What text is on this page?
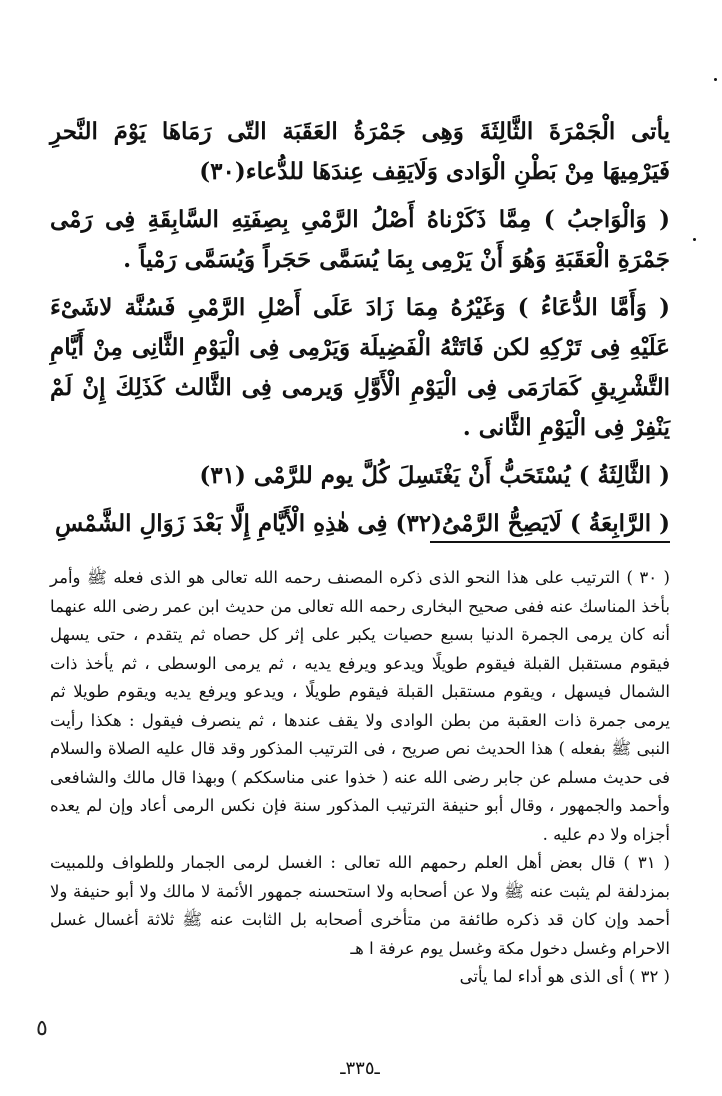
يأتى الْجَمْرَةَ الثَّالِثَةَ وَهِى جَمْرَةُ العَقَبَة التّى رَمَاهَا يَوْمَ النَّحرِ فَيَرْمِيهَا مِنْ بَطْنِ الْوَادى وَلَايَقِف عِندَهَا للدُّعاء(٣٠)

( وَالْوَاجبُ ) مِمَّا ذَكَرْناهُ أَصْلُ الرَّمْىِ بِصِفَتِهِ السَّابِقَةِ فِى رَمْى جَمْرَةِ الْعَقَبَةِ وَهُوَ أَنْ يَرْمِى بِمَا يُسَمَّى حَجَراً وَيُسَمَّى رَمْياً .

( وَأَمَّا الدُّعَاءُ ) وَغَيْرُهُ مِمَا زَادَ عَلَى أَصْلِ الرَّمْىِ فَسُنَّة لاشَىْءَ عَلَيْهِ فِى تَرْكِهِ لكن فَاتَتْهُ الْفَضِيلَة وَيَرْمِى فِى الْيَوْمِ الثَّانِى مِنْ أَيَّامِ التَّشْرِيقِ كَمَارَمَى فِى الْيَوْمِ الْأَوَّلِ وَيرمى فِى الثَّالث كَذَلِكَ إِنْ لَمْ يَنْفِرْ فِى الْيَوْمِ الثَّانى .

( الثَّالِثَةُ ) يُسْتَحَبُّ أَنْ يَغْتَسِلَ كُلَّ يوم للرَّمْى (٣١)

( الرَّابِعَةُ ) لَايَصِحُّ الرَّمْىُ(٣٢) فِى هٰذِهِ الْأَيَّامِ إِلَّا بَعْدَ زَوَالِ الشَّمْسِ

( ٣٠ ) الترتيب على هذا النحو الذى ذكره المصنف رحمه الله تعالى هو الذى فعله ﷺ وأمر بأخذ المناسك عنه ففى صحيح البخارى رحمه الله تعالى من حديث ابن عمر رضى الله عنهما أنه كان يرمى الجمرة الدنيا بسبع حصيات يكبر على إثر كل حصاه ثم يتقدم ، حتى يسهل فيقوم مستقبل القبلة فيقوم طويلًا ويدعو ويرفع يديه ، ثم يرمى الوسطى ، ثم يأخذ ذات الشمال فيسهل ، ويقوم مستقبل القبلة فيقوم طويلًا ، ويدعو ويرفع يديه ويقوم طويلا ثم يرمى جمرة ذات العقبة من بطن الوادى ولا يقف عندها ، ثم ينصرف فيقول : هكذا رأيت النبى ﷺ بفعله ) هذا الحديث نص صريح ، فى الترتيب المذكور وقد قال عليه الصلاة والسلام فى حديث مسلم عن جابر رضى الله عنه ( خذوا عنى مناسككم ) وبهذا قال مالك والشافعى وأحمد والجمهور ، وقال أبو حنيفة الترتيب المذكور سنة فإن نكس الرمى أعاد وإن لم يعده أجزاه ولا دم عليه .

( ٣١ ) قال بعض أهل العلم رحمهم الله تعالى : الغسل لرمى الجمار وللطواف وللمبيت بمزدلفة لم يثبت عنه ﷺ ولا عن أصحابه ولا استحسنه جمهور الأئمة لا مالك ولا أبو حنيفة ولا أحمد وإن كان قد ذكره طائفة من متأخرى أصحابه بل الثابت عنه ﷺ ثلاثة أغسال غسل الاحرام وغسل دخول مكة وغسل يوم عرفة ا هـ

( ٣٢ ) أى الذى هو أداء لما يأتى

٥
ـ٣٣٥ـ
